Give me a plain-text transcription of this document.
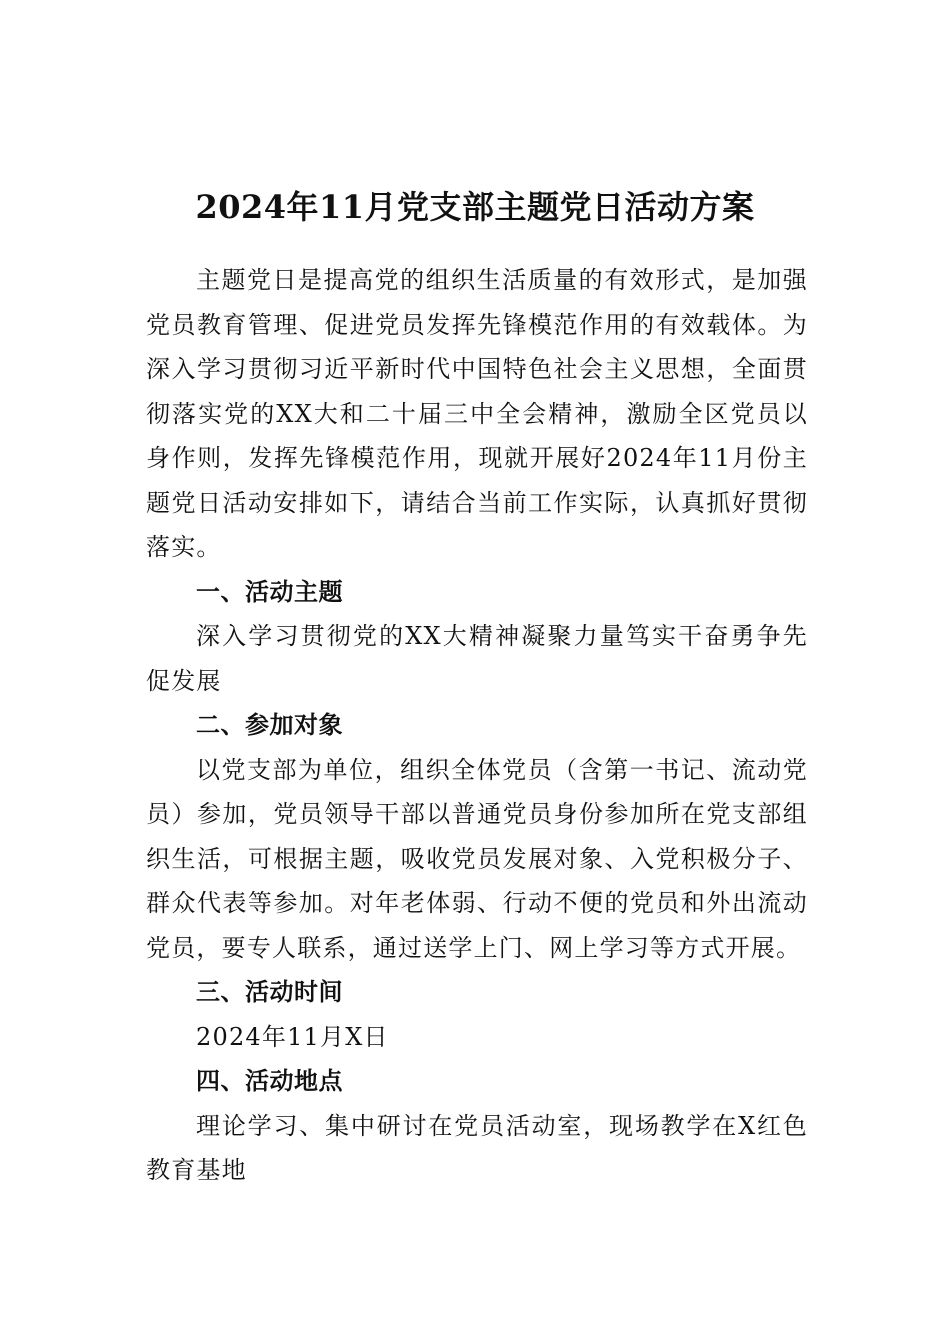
2024年11月党支部主题党日活动方案

主题党日是提高党的组织生活质量的有效形式，是加强党员教育管理、促进党员发挥先锋模范作用的有效载体。为深入学习贯彻习近平新时代中国特色社会主义思想，全面贯彻落实党的XX大和二十届三中全会精神，激励全区党员以身作则，发挥先锋模范作用，现就开展好2024年11月份主题党日活动安排如下，请结合当前工作实际，认真抓好贯彻落实。

一、活动主题

深入学习贯彻党的XX大精神凝聚力量笃实干奋勇争先促发展

二、参加对象

以党支部为单位，组织全体党员（含第一书记、流动党员）参加，党员领导干部以普通党员身份参加所在党支部组织生活，可根据主题，吸收党员发展对象、入党积极分子、群众代表等参加。对年老体弱、行动不便的党员和外出流动党员，要专人联系，通过送学上门、网上学习等方式开展。

三、活动时间

2024年11月X日

四、活动地点

理论学习、集中研讨在党员活动室，现场教学在X红色教育基地
